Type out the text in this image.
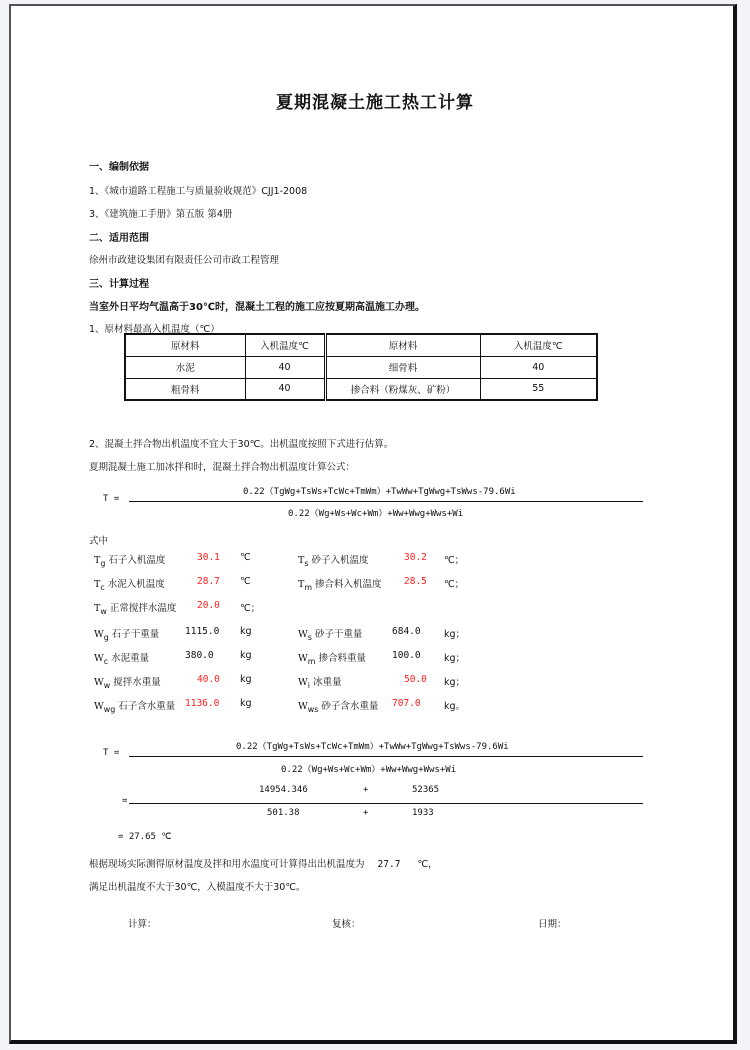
夏期混凝土施工热工计算
一、编制依据
1、《城市道路工程施工与质量验收规范》CJJ1-2008
3、《建筑施工手册》第五版 第4册
二、适用范围
徐州市政建设集团有限责任公司市政工程管理
三、计算过程
当室外日平均气温高于30℃时，混凝土工程的施工应按夏期高温施工办理。
1、原材料最高入机温度（℃）
原材料	入机温度℃	原材料	入机温度℃
水泥	40	细骨料	40
粗骨料	40	掺合料（粉煤灰、矿粉）	55
2、混凝土拌合物出机温度不宜大于30℃。出机温度按照下式进行估算。
夏期混凝土施工加冰拌和时，混凝土拌合物出机温度计算公式：
T =
0.22（TgWg+TsWs+TcWc+TmWm）+TwWw+TgWwg+TsWws-79.6Wi
0.22（Wg+Ws+Wc+Wm）+Ww+Wwg+Wws+Wi
式中
$T_g$ 石子入机温度	30.1 ℃	$T_s$ 砂子入机温度	30.2 ℃；
$T_c$ 水泥入机温度	28.7 ℃	$T_m$ 掺合料入机温度 28.5 ℃；
$T_w$ 正常搅拌水温度 20.0 ℃；
$W_g$ 石子干重量	1115.0 kg	$W_s$ 砂子干重量	684.0 kg；
$W_c$ 水泥重量	380.0	kg	$W_m$ 掺合料重量	100.0 kg；
$W_w$ 搅拌水重量	40.0 kg	$W_i$ 冰重量	50.0 kg；
$W_{wg}$ 石子含水重量 1136.0 kg	$W_{ws}$ 砂子含水重量 707.0 kg。
T =
0.22（TgWg+TsWs+TcWc+TmWm）+TwWw+TgWwg+TsWws-79.6Wi
0.22（Wg+Ws+Wc+Wm）+Ww+Wwg+Wws+Wi
=
14954.346	+	52365
501.38	+	1933
= 27.65 ℃
根据现场实际测得原材温度及拌和用水温度可计算得出出机温度为 27.7 ℃，
满足出机温度不大于30℃，入模温度不大于30℃。
计算：	复核：	日期：
